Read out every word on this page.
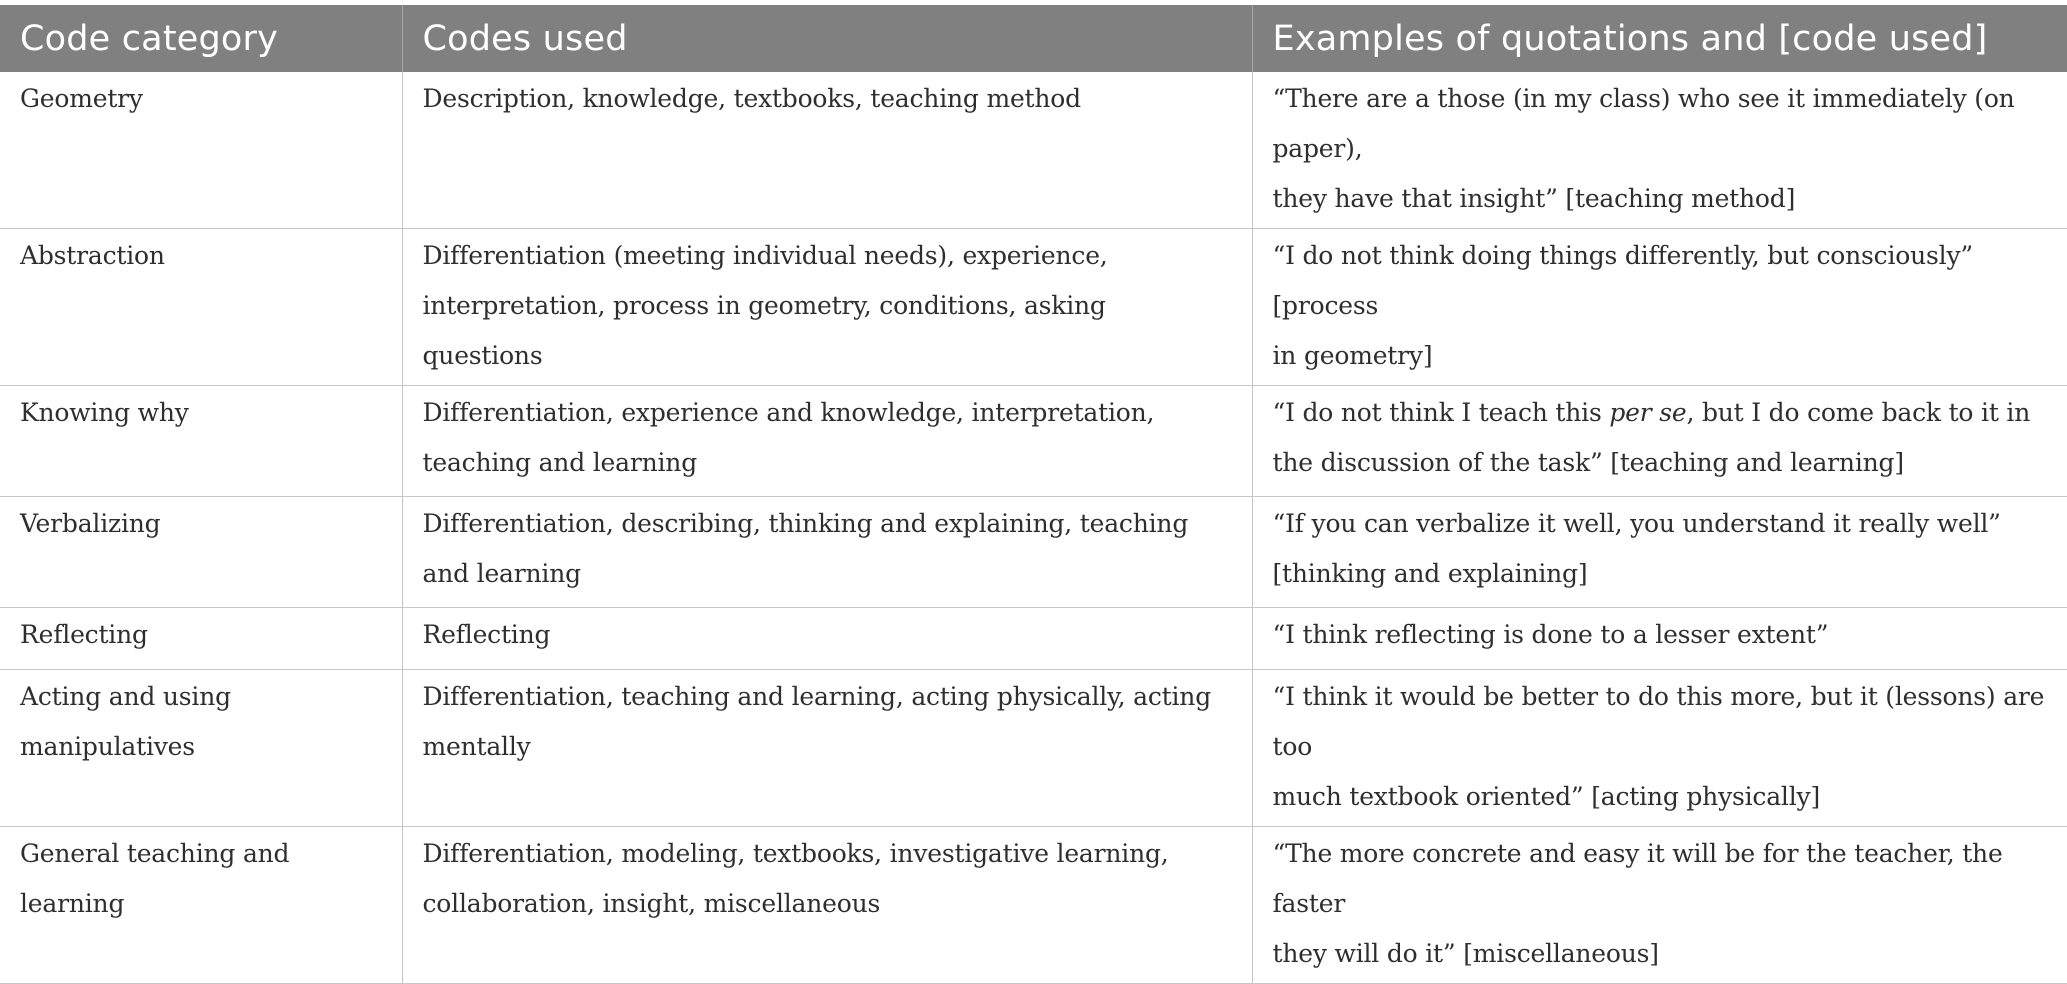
Code category	Codes used	Examples of quotations and [code used]
Geometry	Description, knowledge, textbooks, teaching method	“There are a those (in my class) who see it immediately (on paper),
they have that insight” [teaching method]
Abstraction	Differentiation (meeting individual needs), experience, interpretation, process in geometry, conditions, asking questions	“I do not think doing things differently, but consciously” [process
in geometry]
Knowing why	Differentiation, experience and knowledge, interpretation, teaching and learning	“I do not think I teach this per se, but I do come back to it in the discussion of the task” [teaching and learning]
Verbalizing	Differentiation, describing, thinking and explaining, teaching and learning	“If you can verbalize it well, you understand it really well”
[thinking and explaining]
Reflecting	Reflecting	“I think reflecting is done to a lesser extent”
Acting and using manipulatives	Differentiation, teaching and learning, acting physically, acting mentally	“I think it would be better to do this more, but it (lessons) are too
much textbook oriented” [acting physically]
General teaching and learning	Differentiation, modeling, textbooks, investigative learning, collaboration, insight, miscellaneous	“The more concrete and easy it will be for the teacher, the faster
they will do it” [miscellaneous]
